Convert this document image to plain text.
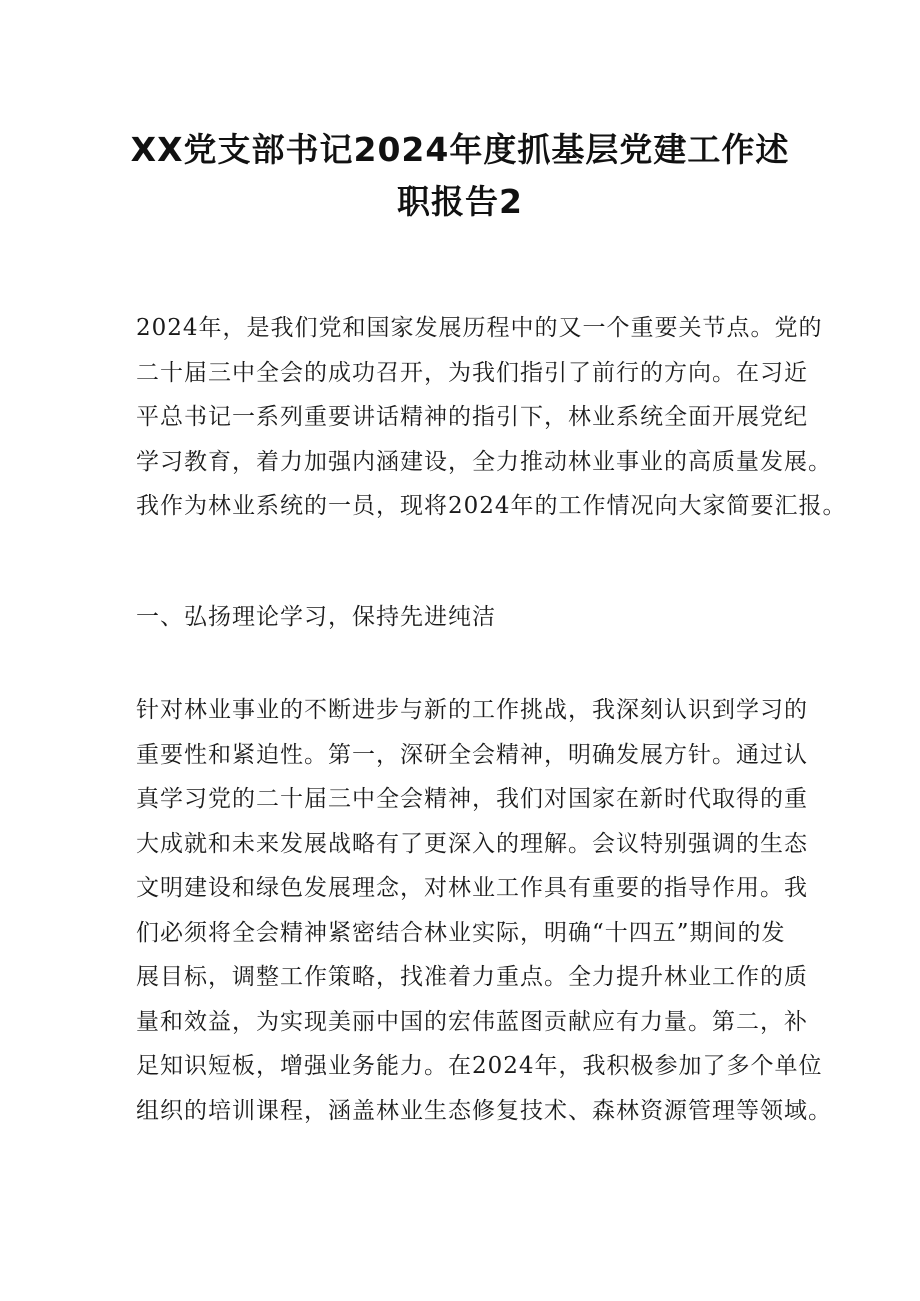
XX党支部书记2024年度抓基层党建工作述
职报告2
2024年，是我们党和国家发展历程中的又一个重要关节点。党的
二十届三中全会的成功召开，为我们指引了前行的方向。在习近
平总书记一系列重要讲话精神的指引下，林业系统全面开展党纪
学习教育，着力加强内涵建设，全力推动林业事业的高质量发展。
我作为林业系统的一员，现将2024年的工作情况向大家简要汇报。
一、弘扬理论学习，保持先进纯洁
针对林业事业的不断进步与新的工作挑战，我深刻认识到学习的
重要性和紧迫性。第一，深研全会精神，明确发展方针。通过认
真学习党的二十届三中全会精神，我们对国家在新时代取得的重
大成就和未来发展战略有了更深入的理解。会议特别强调的生态
文明建设和绿色发展理念，对林业工作具有重要的指导作用。我
们必须将全会精神紧密结合林业实际，明确“十四五”期间的发
展目标，调整工作策略，找准着力重点。全力提升林业工作的质
量和效益，为实现美丽中国的宏伟蓝图贡献应有力量。第二，补
足知识短板，增强业务能力。在2024年，我积极参加了多个单位
组织的培训课程，涵盖林业生态修复技术、森林资源管理等领域。
